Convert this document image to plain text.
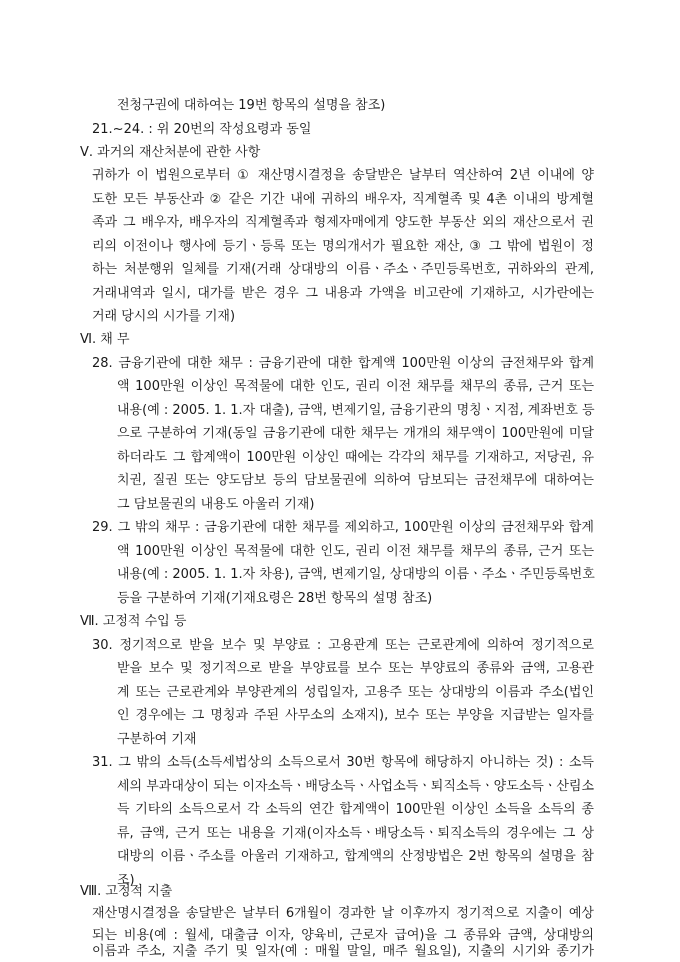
전청구권에 대하여는 19번 항목의 설명을 참조)
21.~24. : 위 20번의 작성요령과 동일
Ⅴ. 과거의 재산처분에 관한 사항
귀하가 이 법원으로부터 ① 재산명시결정을 송달받은 날부터 역산하여 2년 이내에 양
도한 모든 부동산과 ② 같은 기간 내에 귀하의 배우자, 직계혈족 및 4촌 이내의 방계혈
족과 그 배우자, 배우자의 직계혈족과 형제자매에게 양도한 부동산 외의 재산으로서 권
리의 이전이나 행사에 등기ㆍ등록 또는 명의개서가 필요한 재산, ③ 그 밖에 법원이 정
하는 처분행위 일체를 기재(거래 상대방의 이름ㆍ주소ㆍ주민등록번호, 귀하와의 관계,
거래내역과 일시, 대가를 받은 경우 그 내용과 가액을 비고란에 기재하고, 시가란에는
거래 당시의 시가를 기재)
Ⅵ. 채 무
28. 금융기관에 대한 채무 : 금융기관에 대한 합계액 100만원 이상의 금전채무와 합계
액 100만원 이상인 목적물에 대한 인도, 권리 이전 채무를 채무의 종류, 근거 또는
내용(예 : 2005. 1. 1.자 대출), 금액, 변제기일, 금융기관의 명칭ㆍ지점, 계좌번호 등
으로 구분하여 기재(동일 금융기관에 대한 채무는 개개의 채무액이 100만원에 미달
하더라도 그 합계액이 100만원 이상인 때에는 각각의 채무를 기재하고, 저당권, 유
치권, 질권 또는 양도담보 등의 담보물권에 의하여 담보되는 금전채무에 대하여는
그 담보물권의 내용도 아울러 기재)
29. 그 밖의 채무 : 금융기관에 대한 채무를 제외하고, 100만원 이상의 금전채무와 합계
액 100만원 이상인 목적물에 대한 인도, 권리 이전 채무를 채무의 종류, 근거 또는
내용(예 : 2005. 1. 1.자 차용), 금액, 변제기일, 상대방의 이름ㆍ주소ㆍ주민등록번호
등을 구분하여 기재(기재요령은 28번 항목의 설명 참조)
Ⅶ. 고정적 수입 등
30. 정기적으로 받을 보수 및 부양료 : 고용관계 또는 근로관계에 의하여 정기적으로
받을 보수 및 정기적으로 받을 부양료를 보수 또는 부양료의 종류와 금액, 고용관
계 또는 근로관계와 부양관계의 성립일자, 고용주 또는 상대방의 이름과 주소(법인
인 경우에는 그 명칭과 주된 사무소의 소재지), 보수 또는 부양을 지급받는 일자를
구분하여 기재
31. 그 밖의 소득(소득세법상의 소득으로서 30번 항목에 해당하지 아니하는 것) : 소득
세의 부과대상이 되는 이자소득ㆍ배당소득ㆍ사업소득ㆍ퇴직소득ㆍ양도소득ㆍ산림소
득 기타의 소득으로서 각 소득의 연간 합계액이 100만원 이상인 소득을 소득의 종
류, 금액, 근거 또는 내용을 기재(이자소득ㆍ배당소득ㆍ퇴직소득의 경우에는 그 상
대방의 이름ㆍ주소를 아울러 기재하고, 합계액의 산정방법은 2번 항목의 설명을 참
조)
Ⅷ. 고정적 지출
재산명시결정을 송달받은 날부터 6개월이 경과한 날 이후까지 정기적으로 지출이 예상
되는 비용(예 : 월세, 대출금 이자, 양육비, 근로자 급여)을 그 종류와 금액, 상대방의
이름과 주소, 지출 주기 및 일자(예 : 매월 말일, 매주 월요일), 지출의 시기와 종기가
